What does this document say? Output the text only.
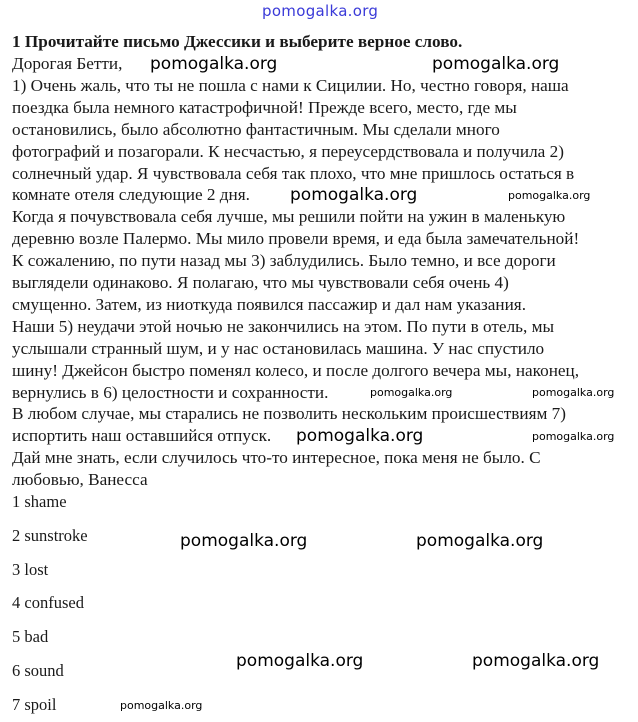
pomogalka.org
1 Прочитайте письмо Джессики и выберите верное слово.
Дорогая Бетти,
1) Очень жаль, что ты не пошла с нами к Сицилии. Но, честно говоря, наша
поездка была немного катастрофичной! Прежде всего, место, где мы
остановились, было абсолютно фантастичным. Мы сделали много
фотографий и позагорали. К несчастью, я переусердствовала и получила 2)
солнечный удар. Я чувствовала себя так плохо, что мне пришлось остаться в
комнате отеля следующие 2 дня.
Когда я почувствовала себя лучше, мы решили пойти на ужин в маленькую
деревню возле Палермо. Мы мило провели время, и еда была замечательной!
К сожалению, по пути назад мы 3) заблудились. Было темно, и все дороги
выглядели одинаково. Я полагаю, что мы чувствовали себя очень 4)
смущенно. Затем, из ниоткуда появился пассажир и дал нам указания.
Наши 5) неудачи этой ночью не закончились на этом. По пути в отель, мы
услышали странный шум, и у нас остановилась машина. У нас спустило
шину! Джейсон быстро поменял колесо, и после долгого вечера мы, наконец,
вернулись в 6) целостности и сохранности.
В любом случае, мы старались не позволить нескольким происшествиям 7)
испортить наш оставшийся отпуск.
Дай мне знать, если случилось что-то интересное, пока меня не было. С
любовью, Ванесса
1 shame
2 sunstroke
3 lost
4 confused
5 bad
6 sound
7 spoil
pomogalka.org	pomogalka.org
pomogalka.org
pomogalka.org
pomogalka.org	pomogalka.org
pomogalka.org
pomogalka.org
pomogalka.org	pomogalka.org
pomogalka.org	pomogalka.org
pomogalka.org
